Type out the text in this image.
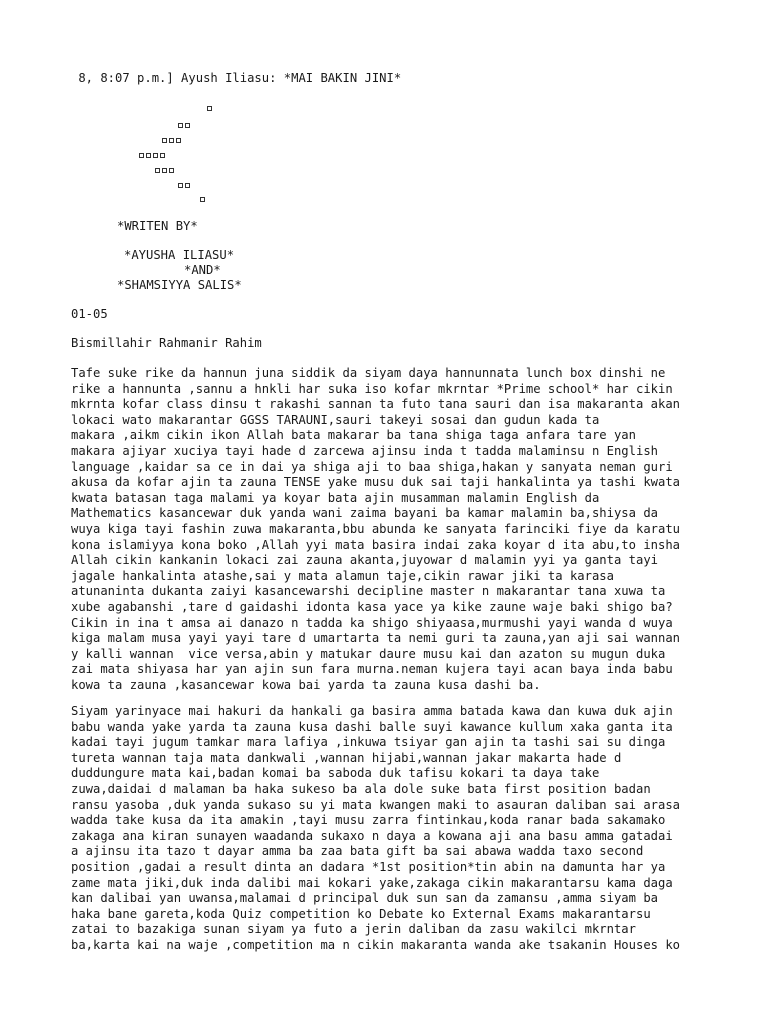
8, 8:07 p.m.] Ayush Iliasu: *MAI BAKIN JINI*
*WRITEN BY*
*AYUSHA ILIASU*
*AND*
*SHAMSIYYA SALIS*
01-05
Bismillahir Rahmanir Rahim
Tafe suke rike da hannun juna siddik da siyam daya hannunnata lunch box dinshi ne
rike a hannunta ,sannu a hnkli har suka iso kofar mkrntar *Prime school* har cikin
mkrnta kofar class dinsu t rakashi sannan ta futo tana sauri dan isa makaranta akan
lokaci wato makarantar GGSS TARAUNI,sauri takeyi sosai dan gudun kada ta
makara ,aikm cikin ikon Allah bata makarar ba tana shiga taga anfara tare yan
makara ajiyar xuciya tayi hade d zarcewa ajinsu inda t tadda malaminsu n English
language ,kaidar sa ce in dai ya shiga aji to baa shiga,hakan y sanyata neman guri
akusa da kofar ajin ta zauna TENSE yake musu duk sai taji hankalinta ya tashi kwata
kwata batasan taga malami ya koyar bata ajin musamman malamin English da
Mathematics kasancewar duk yanda wani zaima bayani ba kamar malamin ba,shiysa da
wuya kiga tayi fashin zuwa makaranta,bbu abunda ke sanyata farinciki fiye da karatu
kona islamiyya kona boko ,Allah yyi mata basira indai zaka koyar d ita abu,to insha
Allah cikin kankanin lokaci zai zauna akanta,juyowar d malamin yyi ya ganta tayi
jagale hankalinta atashe,sai y mata alamun taje,cikin rawar jiki ta karasa
atunaninta dukanta zaiyi kasancewarshi decipline master n makarantar tana xuwa ta
xube agabanshi ,tare d gaidashi idonta kasa yace ya kike zaune waje baki shigo ba?
Cikin in ina t amsa ai danazo n tadda ka shigo shiyaasa,murmushi yayi wanda d wuya
kiga malam musa yayi yayi tare d umartarta ta nemi guri ta zauna,yan aji sai wannan
y kalli wannan  vice versa,abin y matukar daure musu kai dan azaton su mugun duka
zai mata shiyasa har yan ajin sun fara murna.neman kujera tayi acan baya inda babu
kowa ta zauna ,kasancewar kowa bai yarda ta zauna kusa dashi ba.
Siyam yarinyace mai hakuri da hankali ga basira amma batada kawa dan kuwa duk ajin
babu wanda yake yarda ta zauna kusa dashi balle suyi kawance kullum xaka ganta ita
kadai tayi jugum tamkar mara lafiya ,inkuwa tsiyar gan ajin ta tashi sai su dinga
tureta wannan taja mata dankwali ,wannan hijabi,wannan jakar makarta hade d
duddungure mata kai,badan komai ba saboda duk tafisu kokari ta daya take
zuwa,daidai d malaman ba haka sukeso ba ala dole suke bata first position badan
ransu yasoba ,duk yanda sukaso su yi mata kwangen maki to asauran daliban sai arasa
wadda take kusa da ita amakin ,tayi musu zarra fintinkau,koda ranar bada sakamako
zakaga ana kiran sunayen waadanda sukaxo n daya a kowana aji ana basu amma gatadai
a ajinsu ita tazo t dayar amma ba zaa bata gift ba sai abawa wadda taxo second
position ,gadai a result dinta an dadara *1st position*tin abin na damunta har ya
zame mata jiki,duk inda dalibi mai kokari yake,zakaga cikin makarantarsu kama daga
kan dalibai yan uwansa,malamai d principal duk sun san da zamansu ,amma siyam ba
haka bane gareta,koda Quiz competition ko Debate ko External Exams makarantarsu
zatai to bazakiga sunan siyam ya futo a jerin daliban da zasu wakilci mkrntar
ba,karta kai na waje ,competition ma n cikin makaranta wanda ake tsakanin Houses ko
